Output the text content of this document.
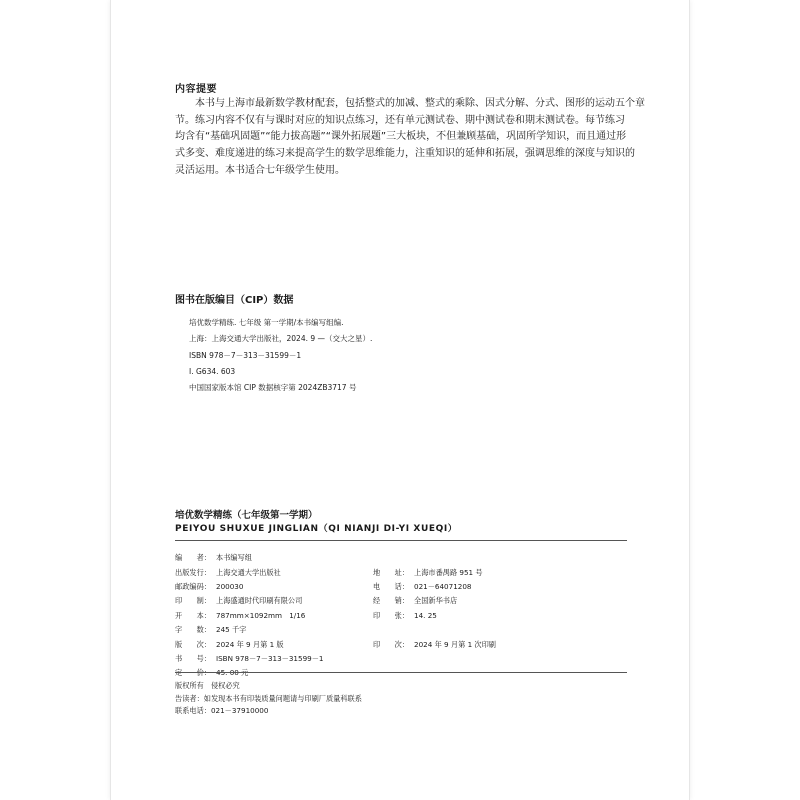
内容提要
本书与上海市最新数学教材配套，包括整式的加减、整式的乘除、因式分解、分式、图形的运动五个章
节。练习内容不仅有与课时对应的知识点练习，还有单元测试卷、期中测试卷和期末测试卷。每节练习
均含有“基础巩固题”“能力拔高题”“课外拓展题”三大板块，不但兼顾基础，巩固所学知识，而且通过形
式多变、难度递进的练习来提高学生的数学思维能力，注重知识的延伸和拓展，强调思维的深度与知识的
灵活运用。本书适合七年级学生使用。
图书在版编目（CIP）数据
培优数学精练. 七年级 第一学期/本书编写组编.
上海：上海交通大学出版社，2024. 9 —（交大之星）.
ISBN 978－7－313－31599－1
Ⅰ. G634. 603
中国国家版本馆 CIP 数据核字第 2024ZB3717 号
培优数学精练（七年级第一学期）
PEIYOU SHUXUE JINGLIAN（QI NIANJI DI-YI XUEQI）
编　　者： 本书编写组
出版发行： 上海交通大学出版社	地　　址： 上海市番禺路 951 号
邮政编码： 200030	电　　话： 021－64071208
印　　制： 上海盛通时代印刷有限公司	经　　销： 全国新华书店
开　　本： 787mm×1092mm　1/16	印　　张： 14. 25
字　　数： 245 千字
版　　次： 2024 年 9 月第 1 版	印　　次： 2024 年 9 月第 1 次印刷
书　　号： ISBN 978－7－313－31599－1
定　　价： 45. 00 元
版权所有　侵权必究
告读者：如发现本书有印装质量问题请与印刷厂质量科联系
联系电话：021－37910000
